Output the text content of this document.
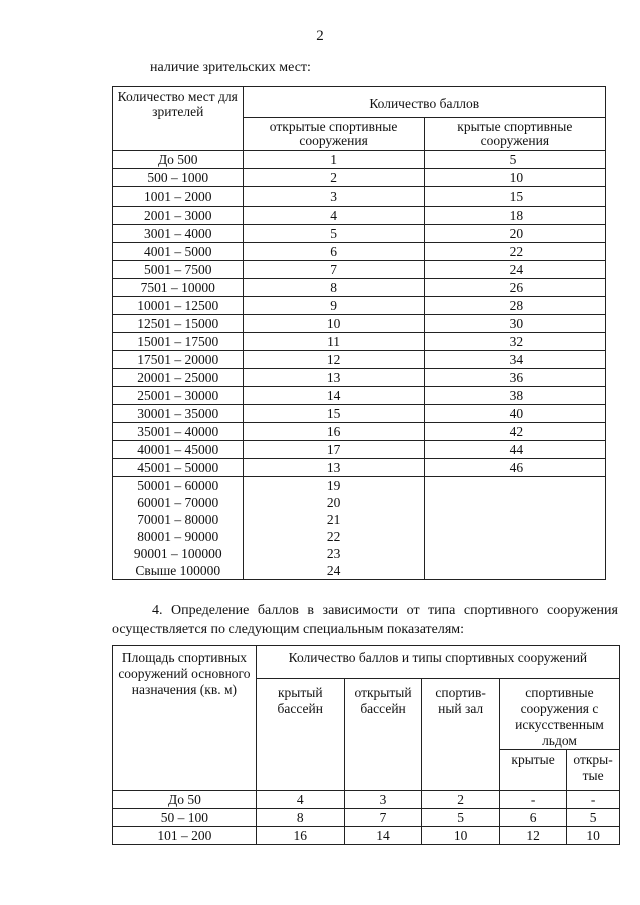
2
наличие зрительских мест:
Количество мест для зрителей	Количество баллов	
	открытые спортивные сооружения	крытые спортивные сооружения
До 500	1	5
500 – 1000	2	10
1001 – 2000	3	15
2001 – 3000	4	18
3001 – 4000	5	20
4001 – 5000	6	22
5001 – 7500	7	24
7501 – 10000	8	26
10001 – 12500	9	28
12501 – 15000	10	30
15001 – 17500	11	32
17501 – 20000	12	34
20001 – 25000	13	36
25001 – 30000	14	38
30001 – 35000	15	40
35001 – 40000	16	42
40001 – 45000	17	44
45001 – 50000	13	46
50001 – 60000	19	
60001 – 70000	20	
70001 – 80000	21	
80001 – 90000	22	
90001 – 100000	23	
Свыше 100000	24	
4. Определение баллов в зависимости от типа спортивного сооружения
осуществляется по следующим специальным показателям:
Площадь спортивных сооружений основного назначения (кв. м)	Количество баллов и типы спортивных сооружений				
	крытый бассейн	открытый бассейн	спортив- ный зал	спортивные сооружения с искусственным льдом	
				крытые	откры- тые
До 50	4	3	2	-	-
50 – 100	8	7	5	6	5
101 – 200	16	14	10	12	10
